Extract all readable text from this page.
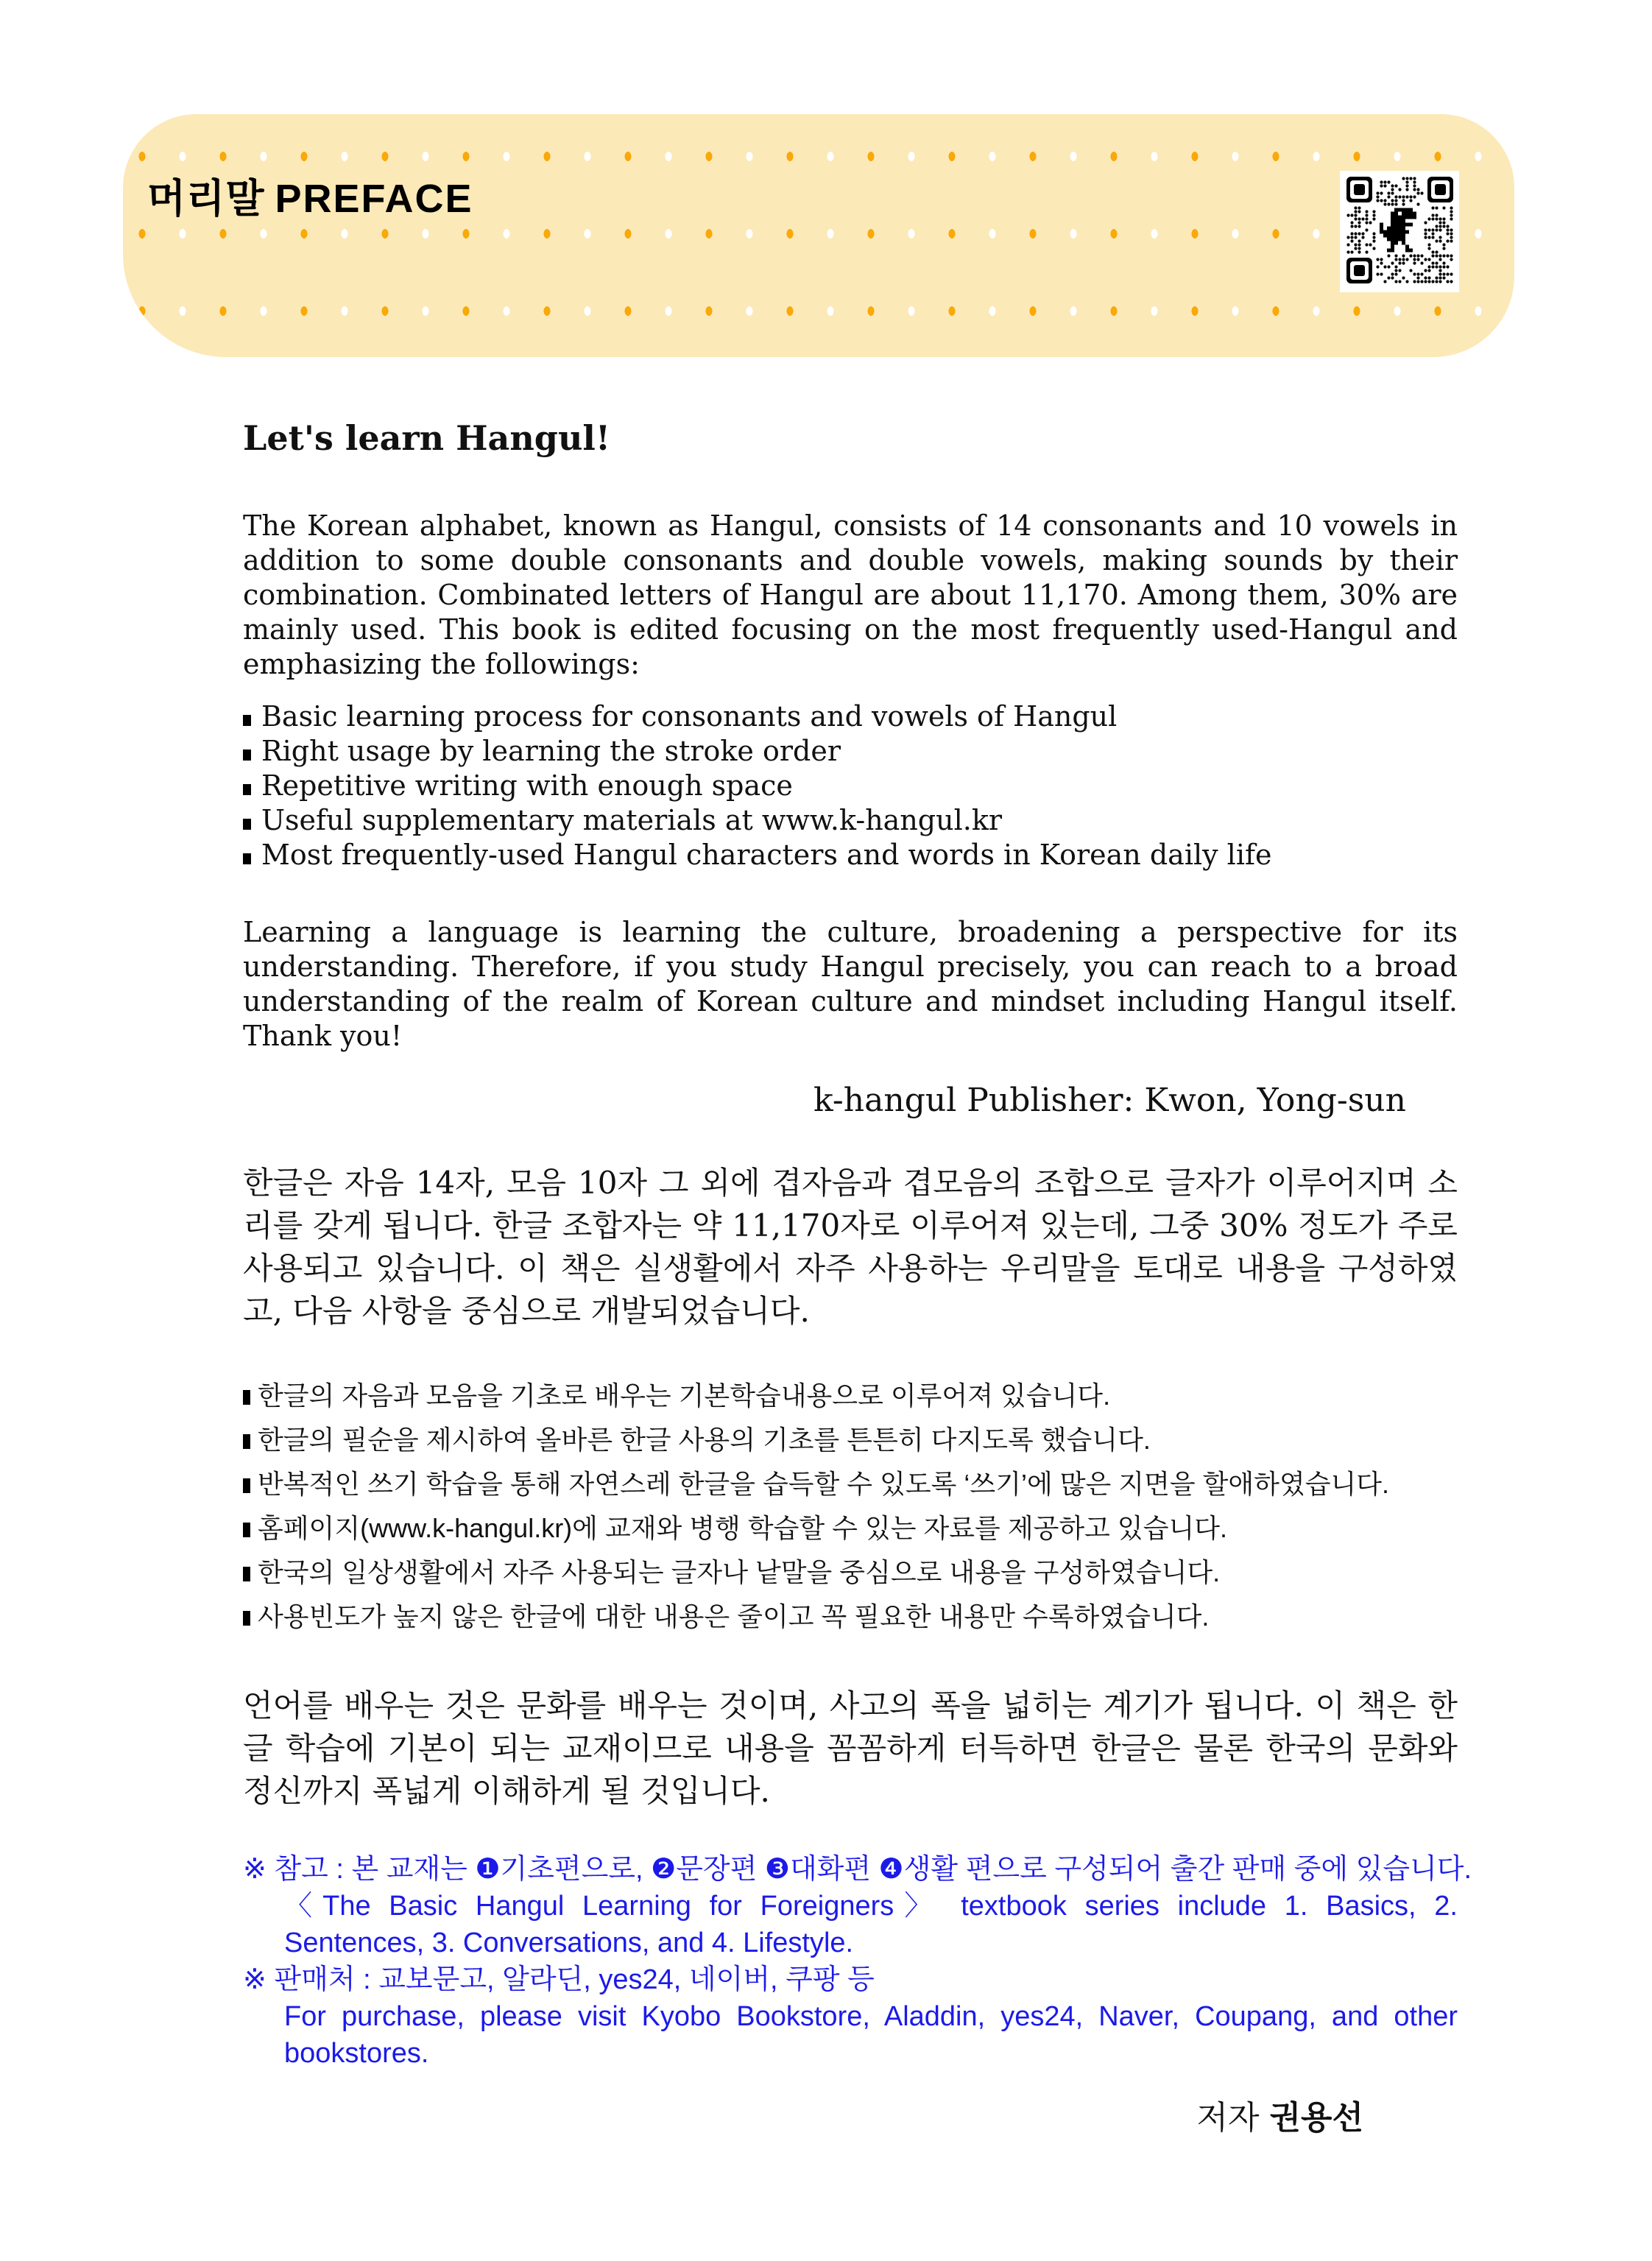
머리말 PREFACE
Let's learn Hangul!

The Korean alphabet, known as Hangul, consists of 14 consonants and 10 vowels in addition to some double consonants and double vowels, making sounds by their combination. Combinated letters of Hangul are about 11,170. Among them, 30% are mainly used. This book is edited focusing on the most frequently used-Hangul and emphasizing the followings:

Basic learning process for consonants and vowels of Hangul
Right usage by learning the stroke order
Repetitive writing with enough space
Useful supplementary materials at www.k-hangul.kr
Most frequently-used Hangul characters and words in Korean daily life

Learning a language is learning the culture, broadening a perspective for its understanding. Therefore, if you study Hangul precisely, you can reach to a broad understanding of the realm of Korean culture and mindset including Hangul itself. Thank you!

k-hangul Publisher: Kwon, Yong-sun

한글은 자음 14자, 모음 10자 그 외에 겹자음과 겹모음의 조합으로 글자가 이루어지며 소리를 갖게 됩니다. 한글 조합자는 약 11,170자로 이루어져 있는데, 그중 30% 정도가 주로 사용되고 있습니다. 이 책은 실생활에서 자주 사용하는 우리말을 토대로 내용을 구성하였고, 다음 사항을 중심으로 개발되었습니다.

한글의 자음과 모음을 기초로 배우는 기본학습내용으로 이루어져 있습니다.
한글의 필순을 제시하여 올바른 한글 사용의 기초를 튼튼히 다지도록 했습니다.
반복적인 쓰기 학습을 통해 자연스레 한글을 습득할 수 있도록 ‘쓰기’에 많은 지면을 할애하였습니다.
홈페이지(www.k-hangul.kr)에 교재와 병행 학습할 수 있는 자료를 제공하고 있습니다.
한국의 일상생활에서 자주 사용되는 글자나 낱말을 중심으로 내용을 구성하였습니다.
사용빈도가 높지 않은 한글에 대한 내용은 줄이고 꼭 필요한 내용만 수록하였습니다.

언어를 배우는 것은 문화를 배우는 것이며, 사고의 폭을 넓히는 계기가 됩니다. 이 책은 한글 학습에 기본이 되는 교재이므로 내용을 꼼꼼하게 터득하면 한글은 물론 한국의 문화와 정신까지 폭넓게 이해하게 될 것입니다.

※ 참고 : 본 교재는 ❶기초편으로, ❷문장편 ❸대화편 ❹생활 편으로 구성되어 출간 판매 중에 있습니다.

〈The Basic Hangul Learning for Foreigners〉 textbook series include 1. Basics, 2. Sentences, 3. Conversations, and 4. Lifestyle.

※ 판매처 : 교보문고, 알라딘, yes24, 네이버, 쿠팡 등

For purchase, please visit Kyobo Bookstore, Aladdin, yes24, Naver, Coupang, and other bookstores.

저자 권용선
